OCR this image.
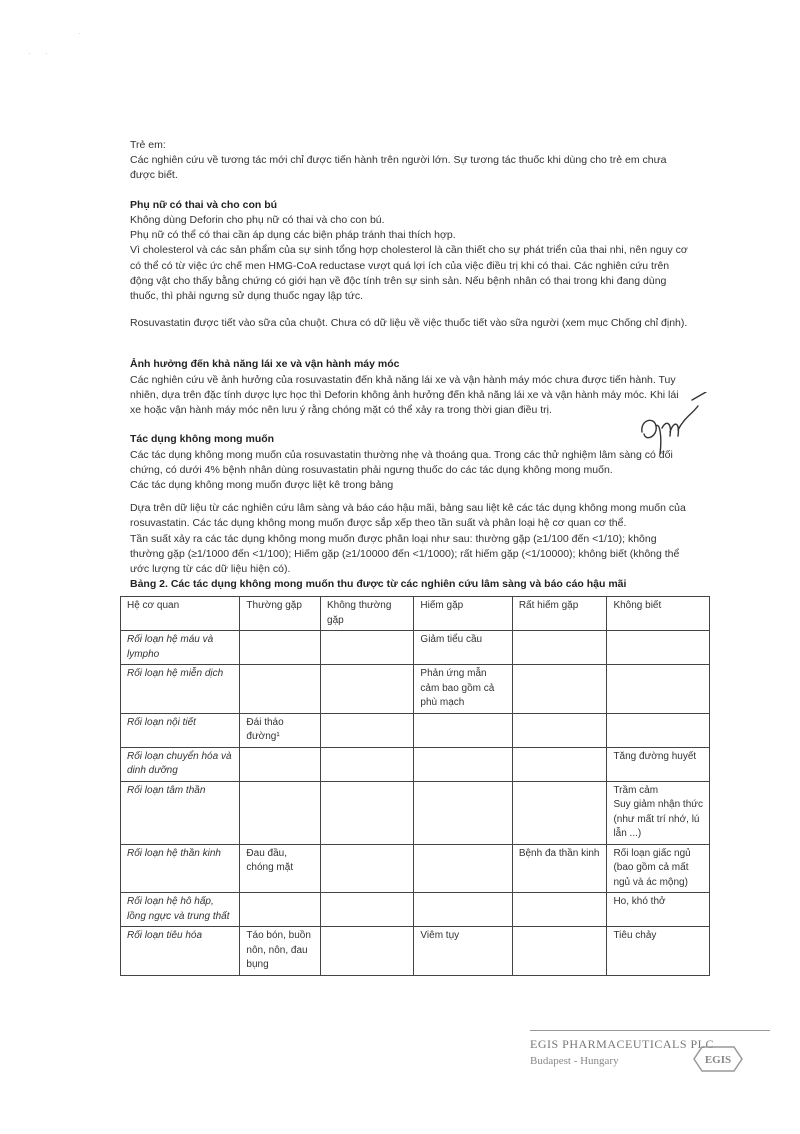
·
· ·

Trẻ em:

Các nghiên cứu về tương tác mới chỉ được tiến hành trên người lớn. Sự tương tác thuốc khi dùng cho trẻ em chưa được biết.

Phụ nữ có thai và cho con bú

Không dùng Deforin cho phụ nữ có thai và cho con bú.

Phụ nữ có thể có thai cần áp dụng các biện pháp tránh thai thích hợp.

Vì cholesterol và các sản phẩm của sự sinh tổng hợp cholesterol là cần thiết cho sự phát triển của thai nhi, nên nguy cơ có thể có từ việc ức chế men HMG-CoA reductase vượt quá lợi ích của việc điều trị khi có thai. Các nghiên cứu trên động vật cho thấy bằng chứng có giới hạn về độc tính trên sự sinh sản. Nếu bệnh nhân có thai trong khi đang dùng thuốc, thì phải ngưng sử dụng thuốc ngay lập tức.

Rosuvastatin được tiết vào sữa của chuột. Chưa có dữ liệu về việc thuốc tiết vào sữa người (xem mục Chống chỉ định).

Ảnh hưởng đến khả năng lái xe và vận hành máy móc

Các nghiên cứu về ảnh hưởng của rosuvastatin đến khả năng lái xe và vận hành máy móc chưa được tiến hành. Tuy nhiên, dựa trên đặc tính dược lực học thì Deforin không ảnh hưởng đến khả năng lái xe và vận hành máy móc. Khi lái xe hoặc vận hành máy móc nên lưu ý rằng chóng mặt có thể xảy ra trong thời gian điều trị.

Tác dụng không mong muốn

Các tác dụng không mong muốn của rosuvastatin thường nhẹ và thoáng qua. Trong các thử nghiệm lâm sàng có đối chứng, có dưới 4% bệnh nhân dùng rosuvastatin phải ngưng thuốc do các tác dụng không mong muốn.

Các tác dụng không mong muốn được liệt kê trong bảng

Dựa trên dữ liệu từ các nghiên cứu lâm sàng và báo cáo hậu mãi, bảng sau liệt kê các tác dụng không mong muốn của rosuvastatin. Các tác dụng không mong muốn được sắp xếp theo tần suất và phân loại hệ cơ quan cơ thể.

Tần suất xảy ra các tác dụng không mong muốn được phân loại như sau: thường gặp (≥1/100 đến <1/10); không thường gặp (≥1/1000 đến <1/100); Hiếm gặp (≥1/10000 đến <1/1000); rất hiếm gặp (<1/10000); không biết (không thể ước lượng từ các dữ liệu hiện có).

Bảng 2. Các tác dụng không mong muốn thu được từ các nghiên cứu lâm sàng và báo cáo hậu mãi

Hệ cơ quan	Thường gặp	Không thường gặp	Hiếm gặp	Rất hiếm gặp	Không biết
Rối loạn hệ máu và lympho			Giảm tiểu cầu		
Rối loạn hệ miễn dịch			Phản ứng mẫn cảm bao gồm cả phù mạch		
Rối loạn nội tiết	Đái tháo đường¹				
Rối loạn chuyển hóa và dinh dưỡng					Tăng đường huyết
Rối loạn tâm thần					Trầm cảm
Suy giảm nhận thức (như mất trí nhớ, lú lẫn ...)
Rối loạn hệ thần kinh	Đau đầu, chóng mặt			Bệnh đa thần kinh	Rối loạn giấc ngủ (bao gồm cả mất ngủ và ác mộng)
Rối loạn hệ hô hấp, lồng ngực và trung thất					Ho, khó thở
Rối loạn tiêu hóa	Táo bón, buồn nôn, nôn, đau bụng		Viêm tụy		Tiêu chảy
EGIS PHARMACEUTICALS PLC
Budapest - Hungary	EGIS
